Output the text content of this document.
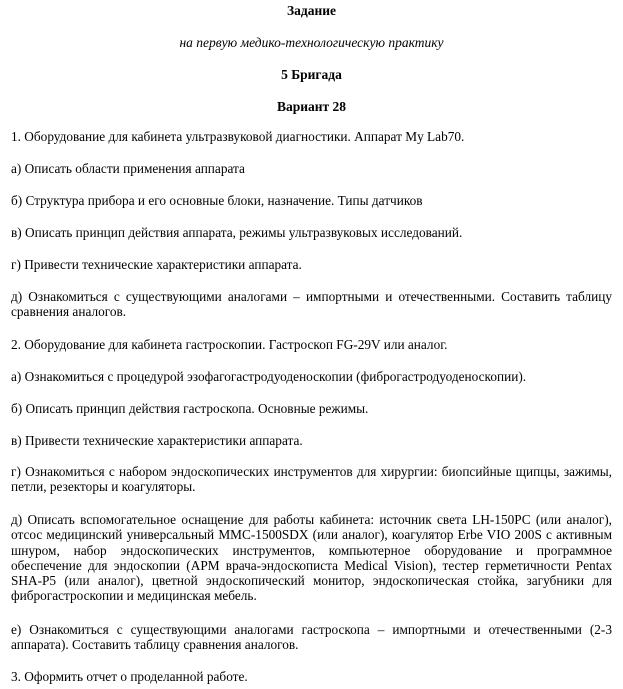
Задание
на первую медико-технологическую практику
5 Бригада
Вариант 28
1. Оборудование для кабинета ультразвуковой диагностики. Аппарат My Lab70.
а) Описать области применения аппарата
б) Структура прибора и его основные блоки, назначение. Типы датчиков
в) Описать принцип действия аппарата, режимы ультразвуковых исследований.
г) Привести технические характеристики аппарата.
д) Ознакомиться с существующими аналогами – импортными и отечественными. Составить таблицу сравнения аналогов.
2. Оборудование для кабинета гастроскопии. Гастроскоп FG-29V или аналог.
а) Ознакомиться с процедурой эзофагогастродуоденоскопии (фиброгастродуоденоскопии).
б) Описать принцип действия гастроскопа. Основные режимы.
в) Привести технические характеристики аппарата.
г) Ознакомиться с набором эндоскопических инструментов для хирургии: биопсийные щипцы, зажимы, петли, резекторы и коагуляторы.
д) Описать вспомогательное оснащение для работы кабинета: источник света LH-150PC (или аналог), отсос медицинский универсальный MMC-1500SDX (или аналог), коагулятор Erbe VIO 200S с активным шнуром, набор эндоскопических инструментов, компьютерное оборудование и программное обеспечение для эндоскопии (АРМ врача-эндоскописта Medical Vision), тестер герметичности Pentax SHA-P5 (или аналог), цветной эндоскопический монитор, эндоскопическая стойка, загубники для фиброгастроскопии и медицинская мебель.
е) Ознакомиться с существующими аналогами гастроскопа – импортными и отечественными (2-3 аппарата). Составить таблицу сравнения аналогов.
3. Оформить отчет о проделанной работе.
